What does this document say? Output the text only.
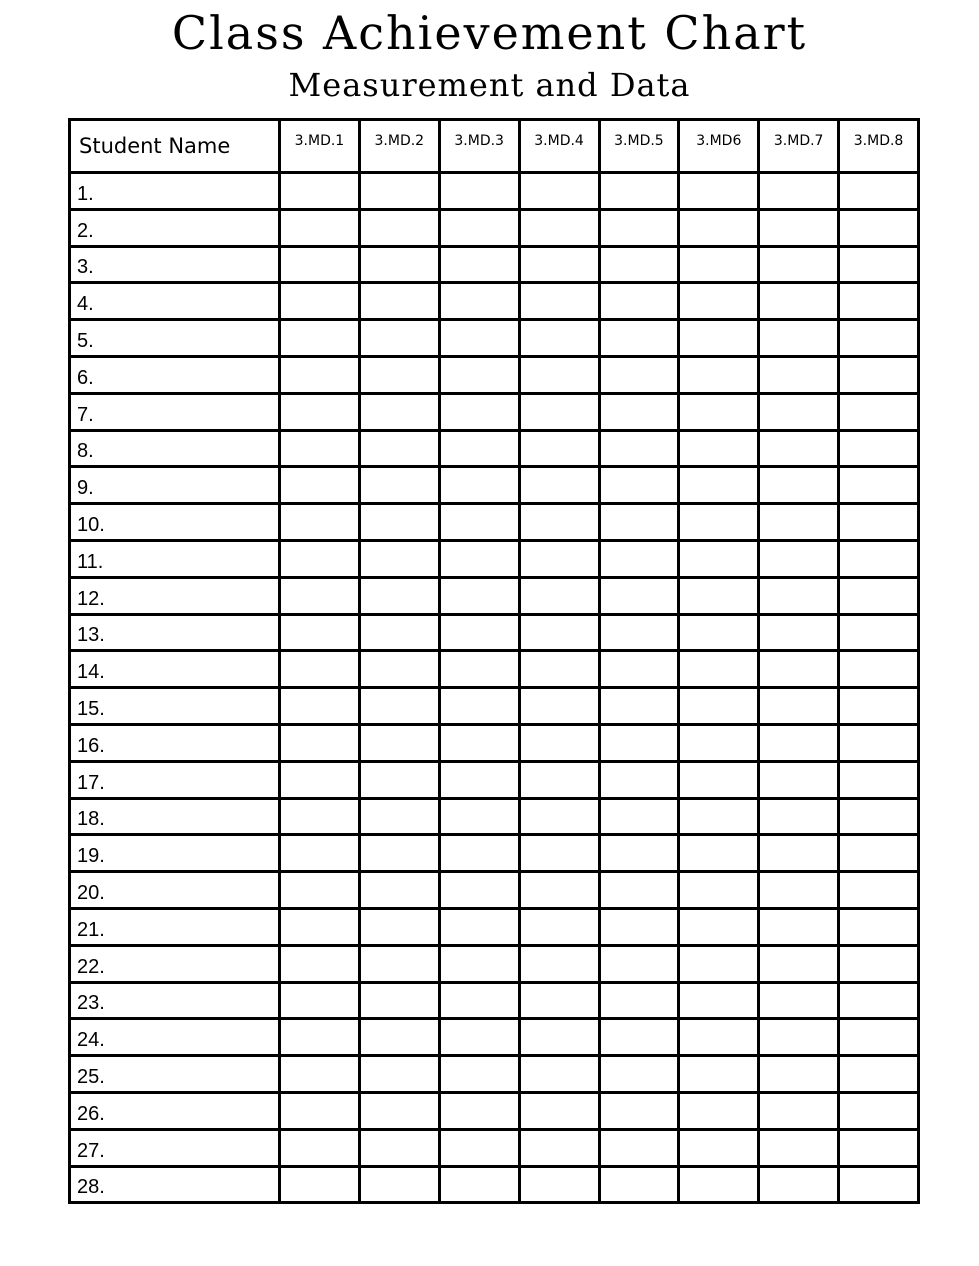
Class Achievement Chart
Measurement and Data
Student Name	3.MD.1	3.MD.2	3.MD.3	3.MD.4	3.MD.5	3.MD6	3.MD.7	3.MD.8
1.								
2.								
3.								
4.								
5.								
6.								
7.								
8.								
9.								
10.								
11.								
12.								
13.								
14.								
15.								
16.								
17.								
18.								
19.								
20.								
21.								
22.								
23.								
24.								
25.								
26.								
27.								
28.								
